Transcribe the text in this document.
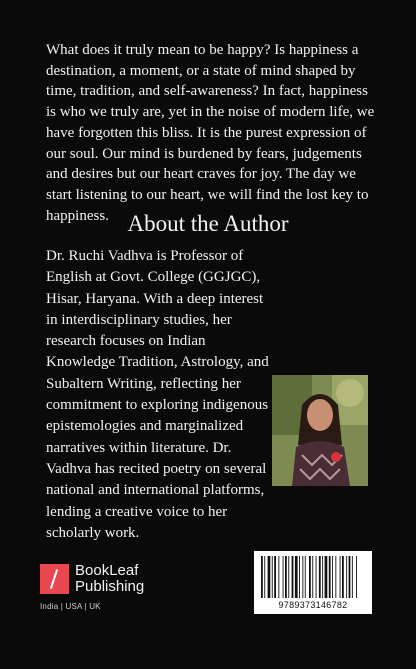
What does it truly mean to be happy? Is happiness a destination, a moment, or a state of mind shaped by time, tradition, and self-awareness? In fact, happiness is who we truly are, yet in the noise of modern life, we have forgotten this bliss. It is the purest expression of our soul. Our mind is burdened by fears, judgements and desires but our heart craves for joy. The day we start listening to our heart, we will find the lost key to happiness. About the Author

Dr. Ruchi Vadhva is Professor of English at Govt. College (GGJGC), Hisar, Haryana. With a deep interest in interdisciplinary studies, her research focuses on Indian Knowledge Tradition, Astrology, and Subaltern Writing, reflecting her commitment to exploring indigenous epistemologies and marginalized narratives within literature. Dr. Vadhva has recited poetry on several national and international platforms, lending a creative voice to her scholarly work.

BookLeaf
Publishing
India | USA | UK	9789373146782
